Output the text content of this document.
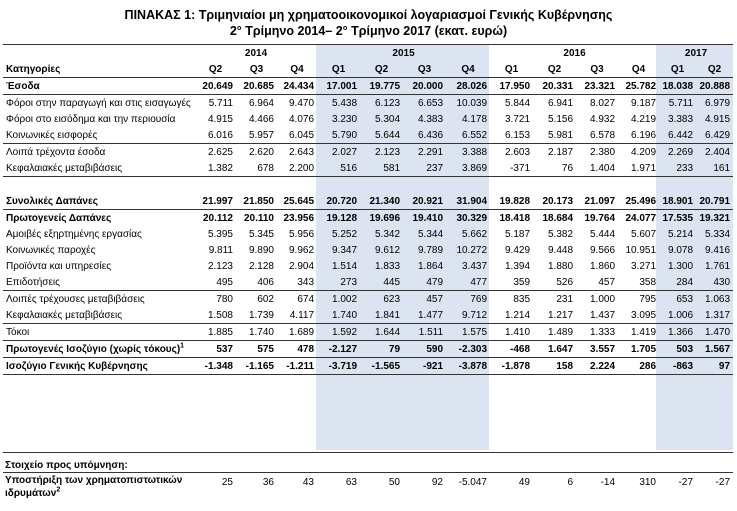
ΠΙΝΑΚΑΣ 1: Τριμηνιαίοι μη χρηματοοικονομικοί λογαριασμοί Γενικής Κυβέρνησης
2° Τρίμηνο 2014– 2° Τρίμηνο 2017 (εκατ. ευρώ)
	2014			2015				2016				2017	
Κατηγορίες	Q2	Q3	Q4	Q1	Q2	Q3	Q4	Q1	Q2	Q3	Q4	Q1	Q2
Έσοδα	20.649	20.685	24.434	17.001	19.775	20.000	28.026	17.950	20.331	23.321	25.782	18.038	20.888
Φόροι στην παραγωγή και στις εισαγωγές	5.711	6.964	9.470	5.438	6.123	6.653	10.039	5.844	6.941	8.027	9.187	5.711	6.979
Φόροι στο εισόδημα και την περιουσία	4.915	4.466	4.076	3.230	5.304	4.383	4.178	3.721	5.156	4.932	4.219	3.383	4.915
Κοινωνικές εισφορές	6.016	5.957	6.045	5.790	5.644	6.436	6.552	6.153	5.981	6.578	6.196	6.442	6.429
Λοιπά τρέχοντα έσοδα	2.625	2.620	2.643	2.027	2.123	2.291	3.388	2.603	2.187	2.380	4.209	2.269	2.404
Κεφαλαιακές μεταβιβάσεις	1.382	678	2.200	516	581	237	3.869	-371	76	1.404	1.971	233	161

Συνολικές Δαπάνες	21.997	21.850	25.645	20.720	21.340	20.921	31.904	19.828	20.173	21.097	25.496	18.901	20.791
Πρωτογενείς Δαπάνες	20.112	20.110	23.956	19.128	19.696	19.410	30.329	18.418	18.684	19.764	24.077	17.535	19.321
Αμοιβές εξηρτημένης εργασίας	5.395	5.345	5.956	5.252	5.342	5.344	5.662	5.187	5.382	5.444	5.607	5.214	5.334
Κοινωνικές παροχές	9.811	9.890	9.962	9.347	9.612	9.789	10.272	9.429	9.448	9.566	10.951	9.078	9.416
Προϊόντα και υπηρεσίες	2.123	2.128	2.904	1.514	1.833	1.864	3.437	1.394	1.880	1.860	3.271	1.300	1.761
Επιδοτήσεις	495	406	343	273	445	479	477	359	526	457	358	284	430
Λοιπές τρέχουσες μεταβιβάσεις	780	602	674	1.002	623	457	769	835	231	1.000	795	653	1.063
Κεφαλαιακές μεταβιβάσεις	1.508	1.739	4.117	1.740	1.841	1.477	9.712	1.214	1.217	1.437	3.095	1.006	1.317
Τόκοι	1.885	1.740	1.689	1.592	1.644	1.511	1.575	1.410	1.489	1.333	1.419	1.366	1.470
Πρωτογενές Ισοζύγιο (χωρίς τόκους)$^1$	537	575	478	-2.127	79	590	-2.303	-468	1.647	3.557	1.705	503	1.567
Ισοζύγιο Γενικής Κυβέρνησης	-1.348	-1.165	-1.211	-3.719	-1.565	-921	-3.878	-1.878	158	2.224	286	-863	97
Στοιχείο προς υπόμνηση:
Υποστήριξη των χρηματοπιστωτικών
ιδρυμάτων$^2$
25	36	43	63	50	92	-5.047	49	6	-14	310	-27	-27
